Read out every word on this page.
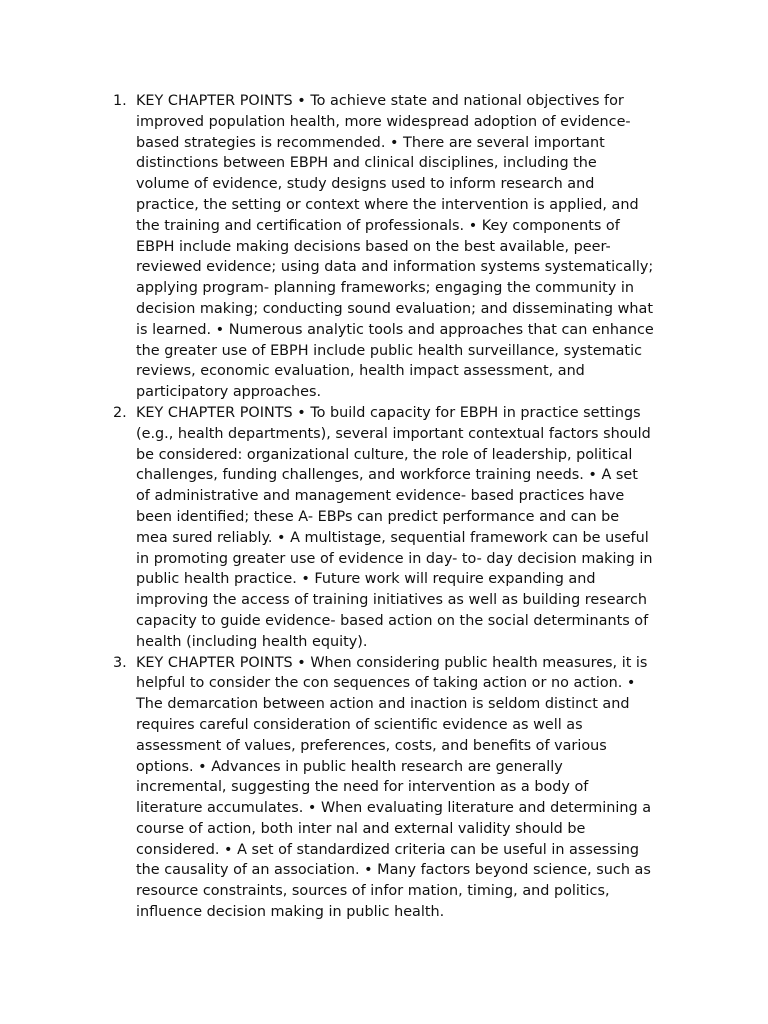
1. KEY CHAPTER POINTS • To achieve state and national objectives for
improved population health, more widespread adoption of evidence-
based strategies is recommended. • There are several important
distinctions between EBPH and clinical disciplines, including the
volume of evidence, study designs used to inform research and
practice, the setting or context where the intervention is applied, and
the training and certification of professionals. • Key components of
EBPH include making decisions based on the best available, peer-
reviewed evidence; using data and information systems systematically;
applying program- planning frameworks; engaging the community in
decision making; conducting sound evaluation; and disseminating what
is learned. • Numerous analytic tools and approaches that can enhance
the greater use of EBPH include public health surveillance, systematic
reviews, economic evaluation, health impact assessment, and
participatory approaches.
2. KEY CHAPTER POINTS • To build capacity for EBPH in practice settings
(e.g., health departments), several important contextual factors should
be considered: organizational culture, the role of leadership, political
challenges, funding challenges, and workforce training needs. • A set
of administrative and management evidence- based practices have
been identified; these A- EBPs can predict performance and can be
mea sured reliably. • A multistage, sequential framework can be useful
in promoting greater use of evidence in day- to- day decision making in
public health practice. • Future work will require expanding and
improving the access of training initiatives as well as building research
capacity to guide evidence- based action on the social determinants of
health (including health equity).
3. KEY CHAPTER POINTS • When considering public health measures, it is
helpful to consider the con sequences of taking action or no action. •
The demarcation between action and inaction is seldom distinct and
requires careful consideration of scientific evidence as well as
assessment of values, preferences, costs, and benefits of various
options. • Advances in public health research are generally
incremental, suggesting the need for intervention as a body of
literature accumulates. • When evaluating literature and determining a
course of action, both inter nal and external validity should be
considered. • A set of standardized criteria can be useful in assessing
the causality of an association. • Many factors beyond science, such as
resource constraints, sources of infor mation, timing, and politics,
influence decision making in public health.
